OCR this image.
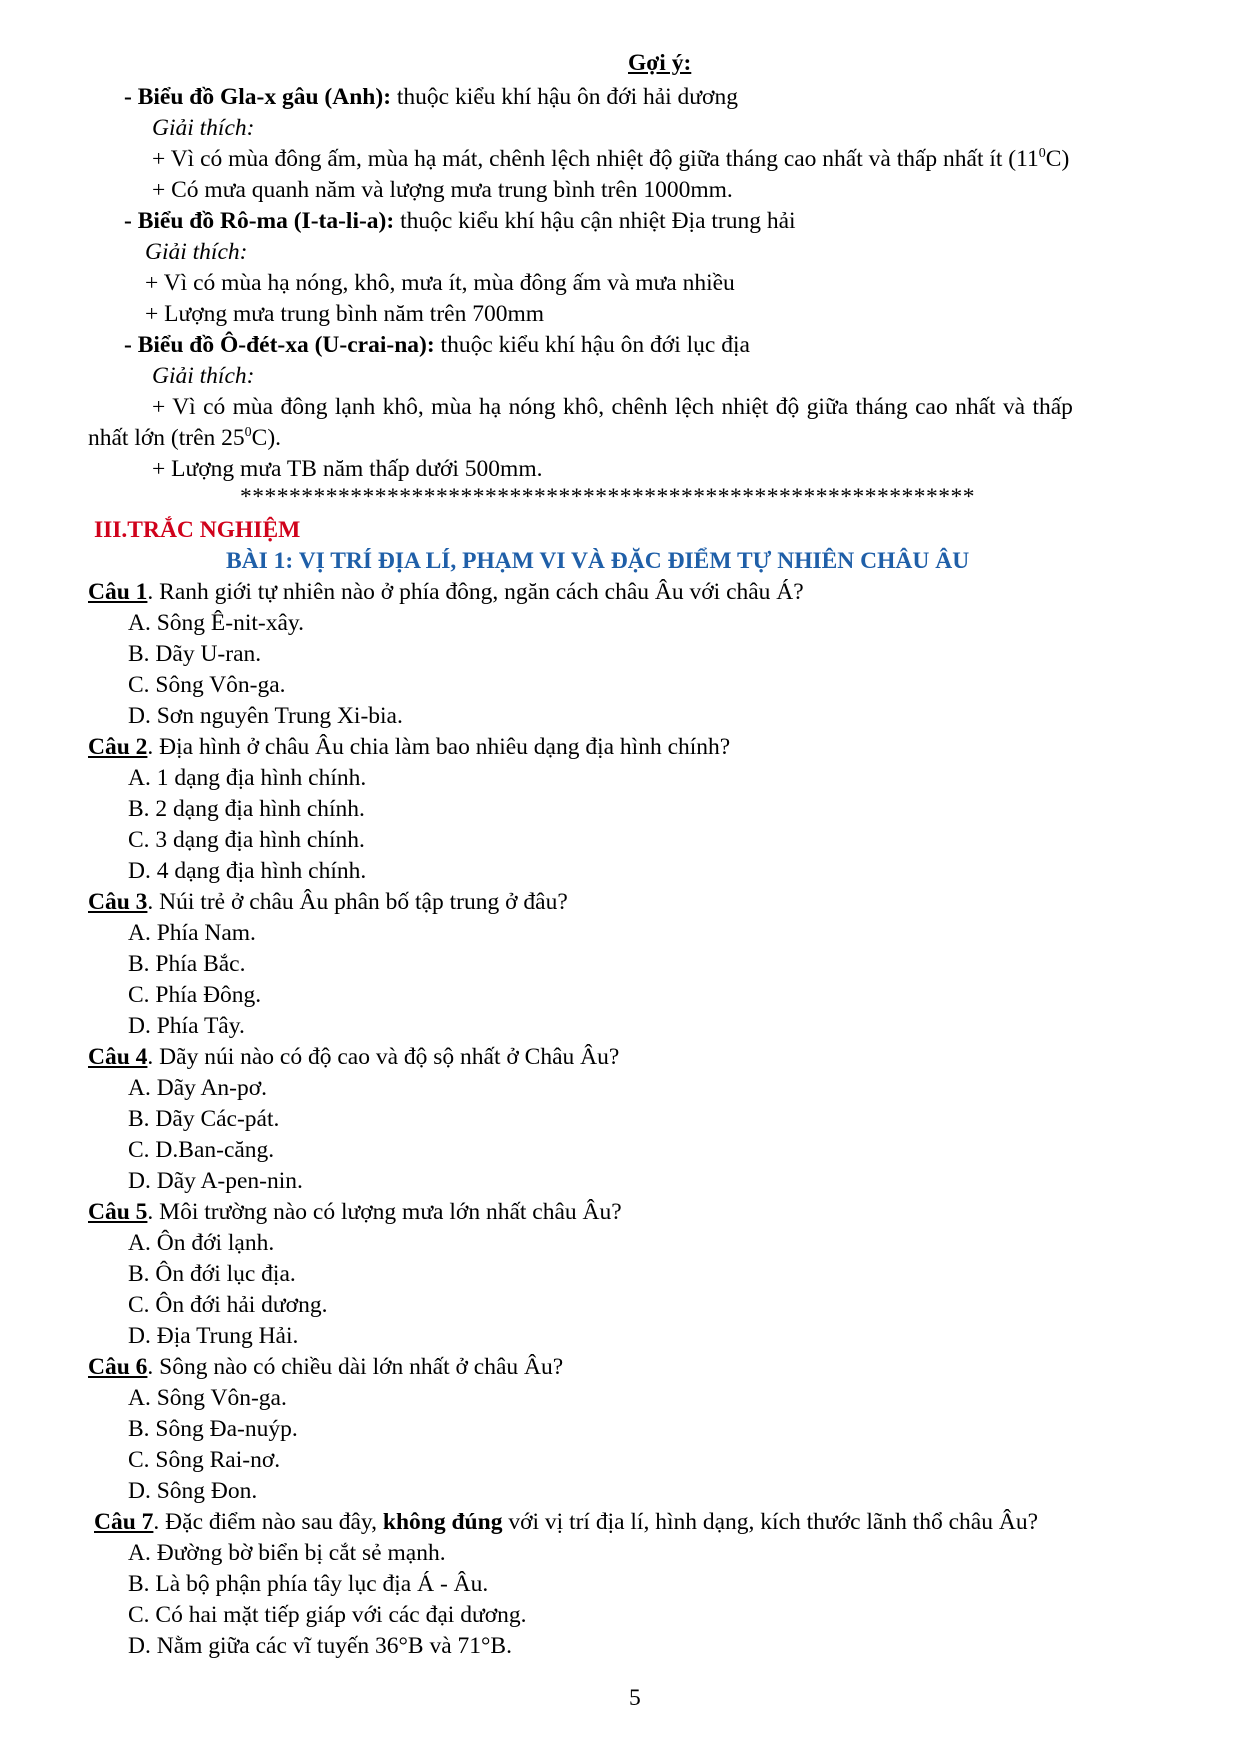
Gợi ý:
- Biểu đồ Gla-x gâu (Anh): thuộc kiểu khí hậu ôn đới hải dương
Giải thích:
+ Vì có mùa đông ấm, mùa hạ mát, chênh lệch nhiệt độ giữa tháng cao nhất và thấp nhất ít $(11^0C)$
+ Có mưa quanh năm và lượng mưa trung bình trên 1000mm.
- Biểu đồ Rô-ma (I-ta-li-a): thuộc kiểu khí hậu cận nhiệt Địa trung hải
Giải thích:
+ Vì có mùa hạ nóng, khô, mưa ít, mùa đông ấm và mưa nhiều
+ Lượng mưa trung bình năm trên 700mm
- Biểu đồ Ô-đét-xa (U-crai-na): thuộc kiểu khí hậu ôn đới lục địa
Giải thích:
+ Vì có mùa đông lạnh khô, mùa hạ nóng khô, chênh lệch nhiệt độ giữa tháng cao nhất và thấp
nhất lớn (trên $25^0C$).
+ Lượng mưa TB năm thấp dưới 500mm.
************************************************************
III.TRẮC NGHIỆM
BÀI 1: VỊ TRÍ ĐỊA LÍ, PHẠM VI VÀ ĐẶC ĐIỂM TỰ NHIÊN CHÂU ÂU
Câu 1. Ranh giới tự nhiên nào ở phía đông, ngăn cách châu Âu với châu Á?
A. Sông Ê-nit-xây.
B. Dãy U-ran.
C. Sông Vôn-ga.
D. Sơn nguyên Trung Xi-bia.
Câu 2. Địa hình ở châu Âu chia làm bao nhiêu dạng địa hình chính?
A. 1 dạng địa hình chính.
B. 2 dạng địa hình chính.
C. 3 dạng địa hình chính.
D. 4 dạng địa hình chính.
Câu 3. Núi trẻ ở châu Âu phân bố tập trung ở đâu?
A. Phía Nam.
B. Phía Bắc.
C. Phía Đông.
D. Phía Tây.
Câu 4. Dãy núi nào có độ cao và độ sộ nhất ở Châu Âu?
A. Dãy An-pơ.
B. Dãy Các-pát.
C. D.Ban-căng.
D. Dãy A-pen-nin.
Câu 5. Môi trường nào có lượng mưa lớn nhất châu Âu?
A. Ôn đới lạnh.
B. Ôn đới lục địa.
C. Ôn đới hải dương.
D. Địa Trung Hải.
Câu 6. Sông nào có chiều dài lớn nhất ở châu Âu?
A. Sông Vôn-ga.
B. Sông Đa-nuýp.
C. Sông Rai-nơ.
D. Sông Đon.
Câu 7. Đặc điểm nào sau đây, không đúng với vị trí địa lí, hình dạng, kích thước lãnh thổ châu Âu?
A. Đường bờ biển bị cắt sẻ mạnh.
B. Là bộ phận phía tây lục địa Á - Âu.
C. Có hai mặt tiếp giáp với các đại dương.
D. Nằm giữa các vĩ tuyến 36°B và 71°B.
5
